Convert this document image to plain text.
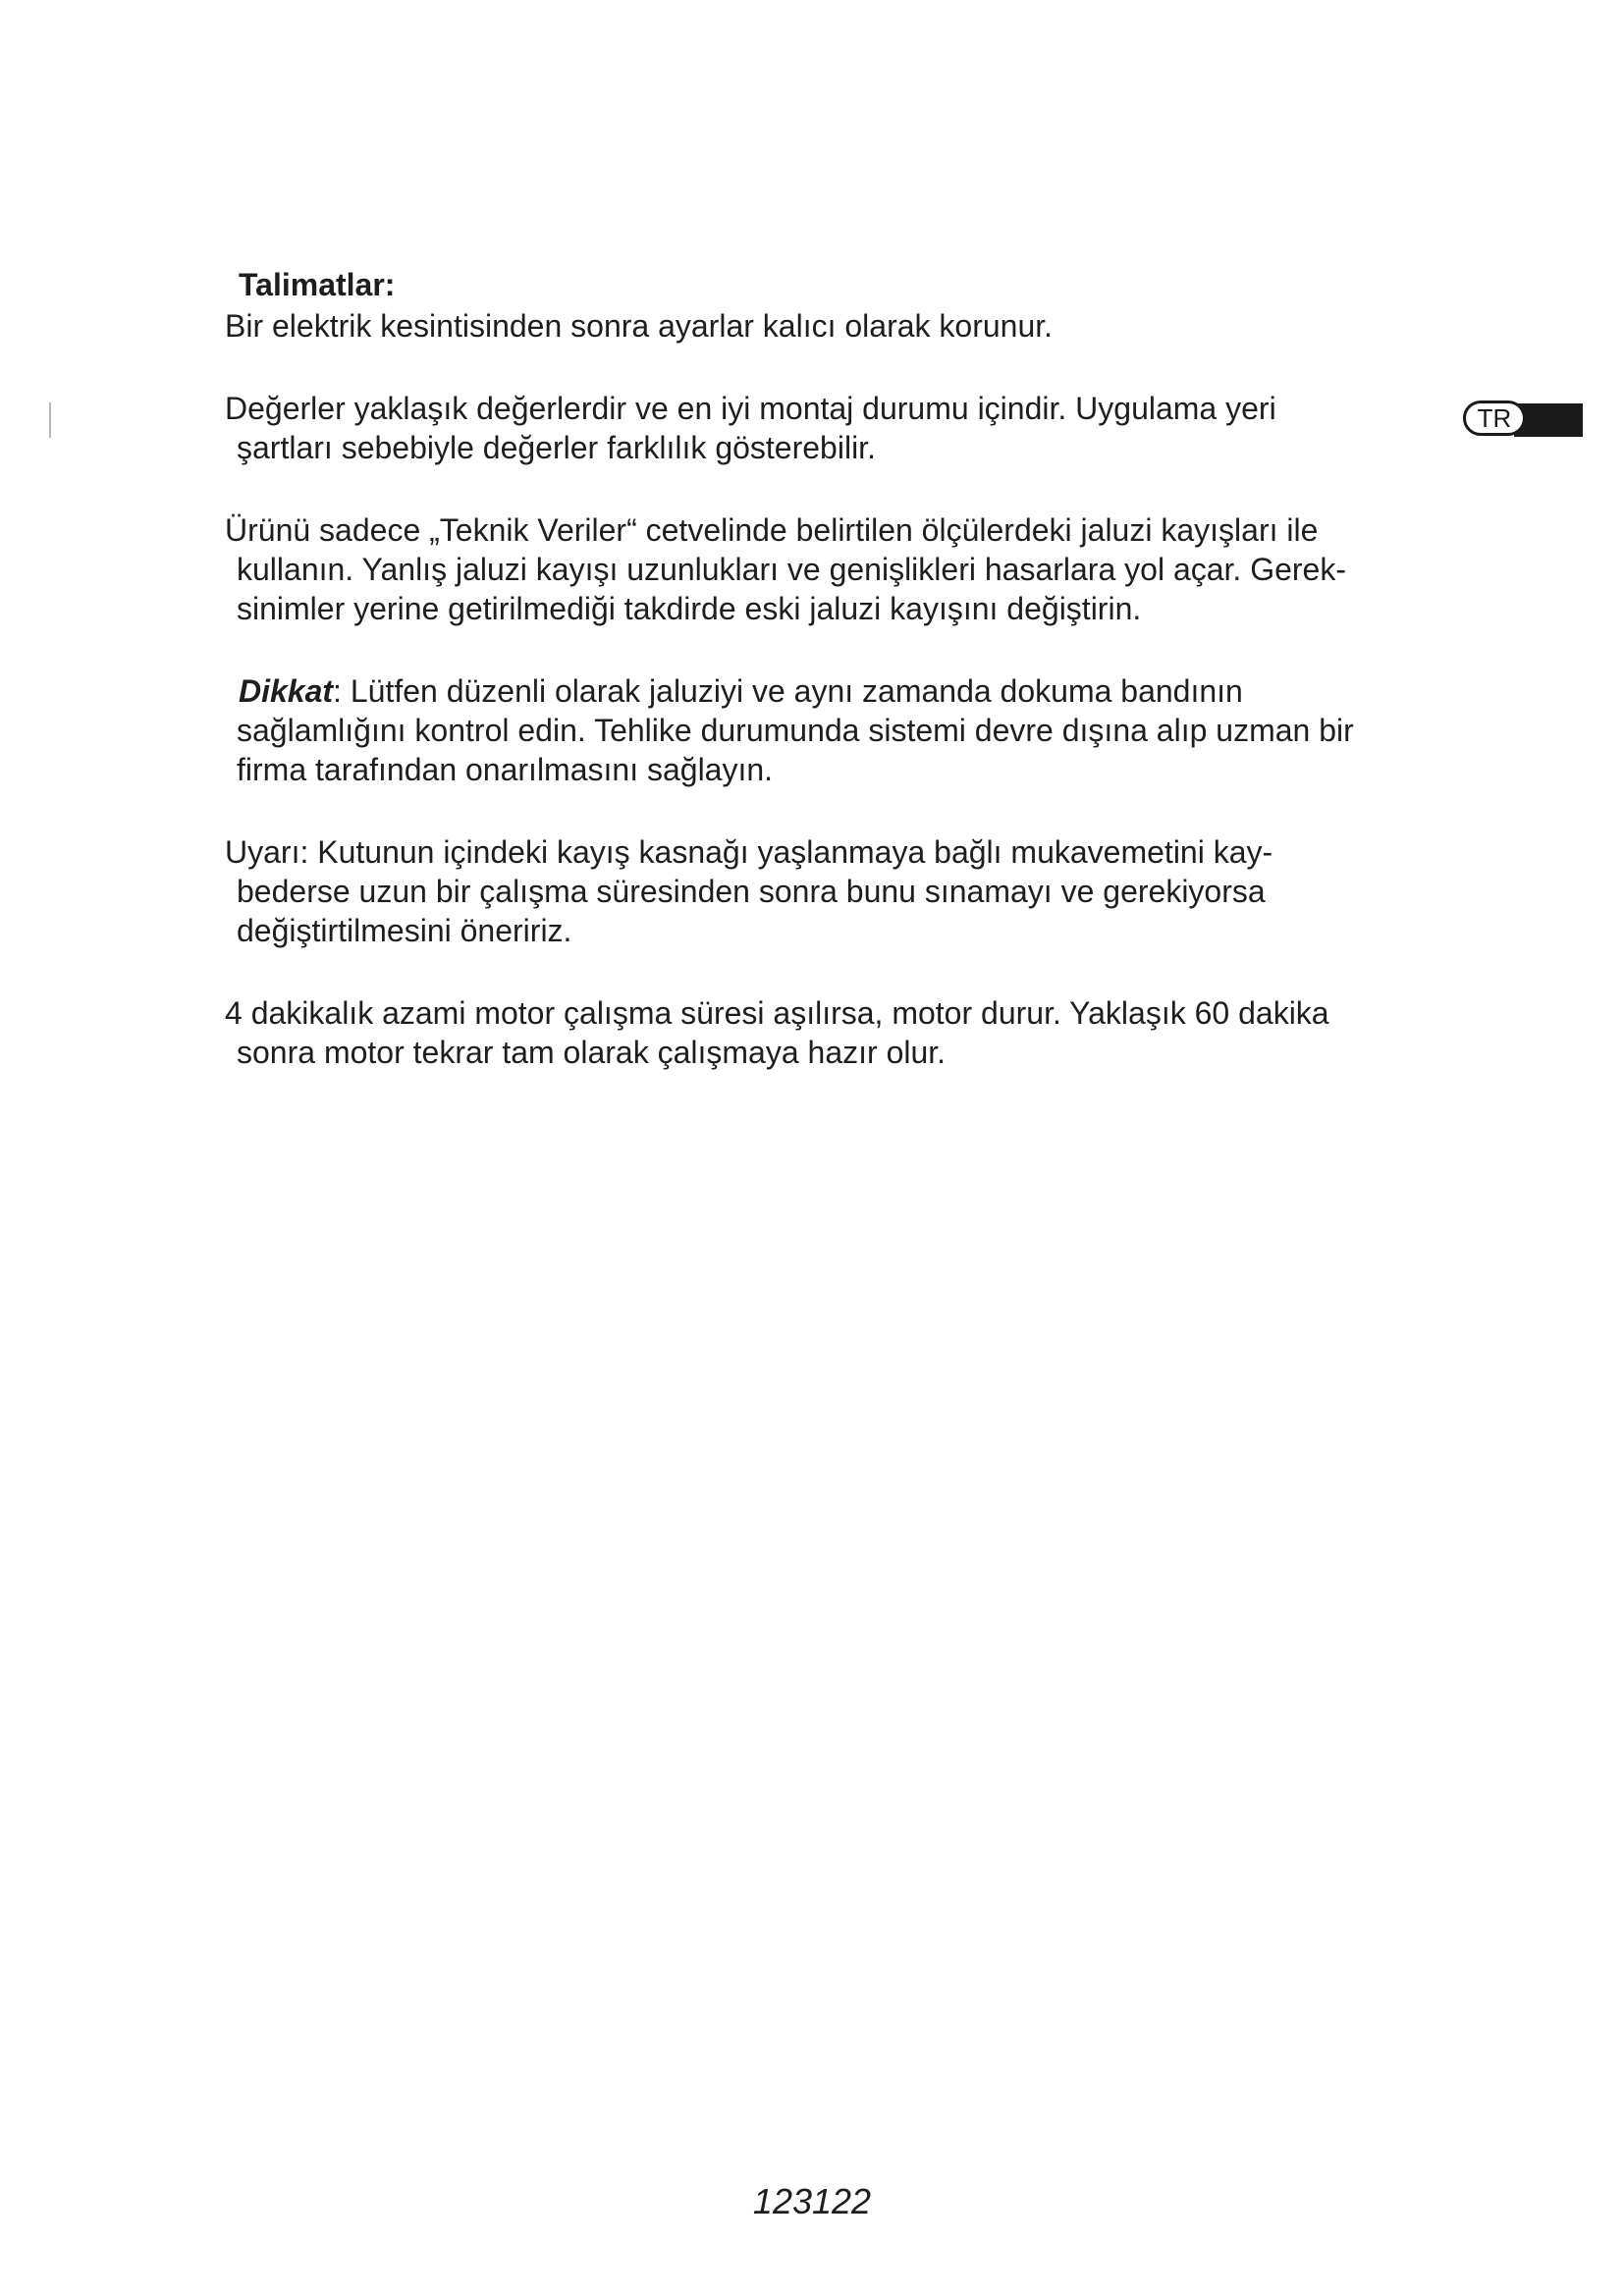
TR
Talimatlar:
Bir elektrik kesintisinden sonra ayarlar kalıcı olarak korunur.
Değerler yaklaşık değerlerdir ve en iyi montaj durumu içindir. Uygulama yeri
şartları sebebiyle değerler farklılık gösterebilir.
Ürünü sadece „Teknik Veriler“ cetvelinde belirtilen ölçülerdeki jaluzi kayışları ile
kullanın. Yanlış jaluzi kayışı uzunlukları ve genişlikleri hasarlara yol açar. Gerek-
sinimler yerine getirilmediği takdirde eski jaluzi kayışını değiştirin.
Dikkat: Lütfen düzenli olarak jaluziyi ve aynı zamanda dokuma bandının
sağlamlığını kontrol edin. Tehlike durumunda sistemi devre dışına alıp uzman bir
firma tarafından onarılmasını sağlayın.
Uyarı: Kutunun içindeki kayış kasnağı yaşlanmaya bağlı mukavemetini kay-
bederse uzun bir çalışma süresinden sonra bunu sınamayı ve gerekiyorsa
değiştirtilmesini öneririz.
4 dakikalık azami motor çalışma süresi aşılırsa, motor durur. Yaklaşık 60 dakika
sonra motor tekrar tam olarak çalışmaya hazır olur.
123122
